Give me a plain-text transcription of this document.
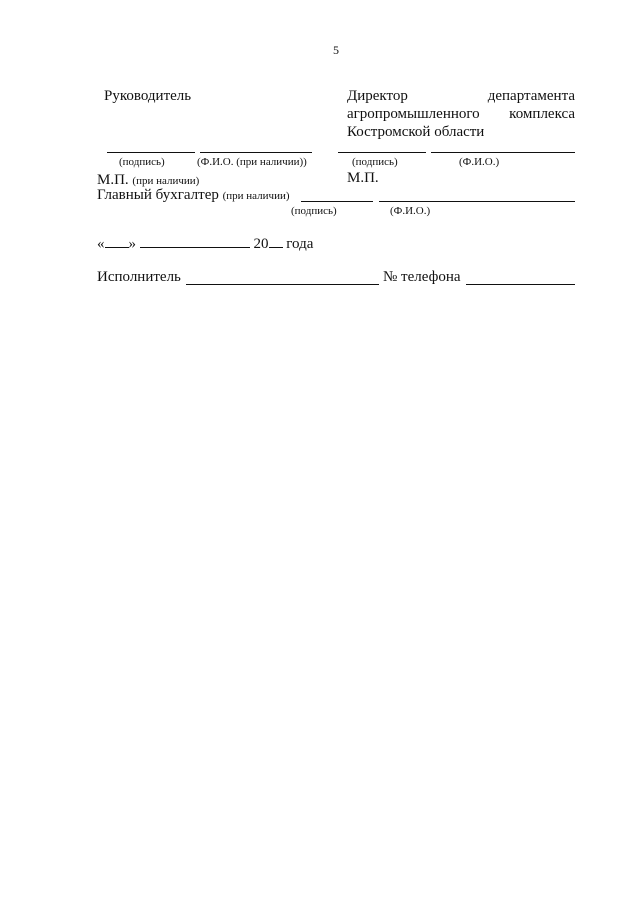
5
Руководитель
(подпись)	(Ф.И.О. (при наличии))
М.П. (при наличии)
Директор департамента
агропромышленного комплекса
Костромской области
(подпись)	(Ф.И.О.)
М.П.
Главный бухгалтер (при наличии)
(подпись)	(Ф.И.О.)
« »	20 года
Исполнитель	№ телефона
